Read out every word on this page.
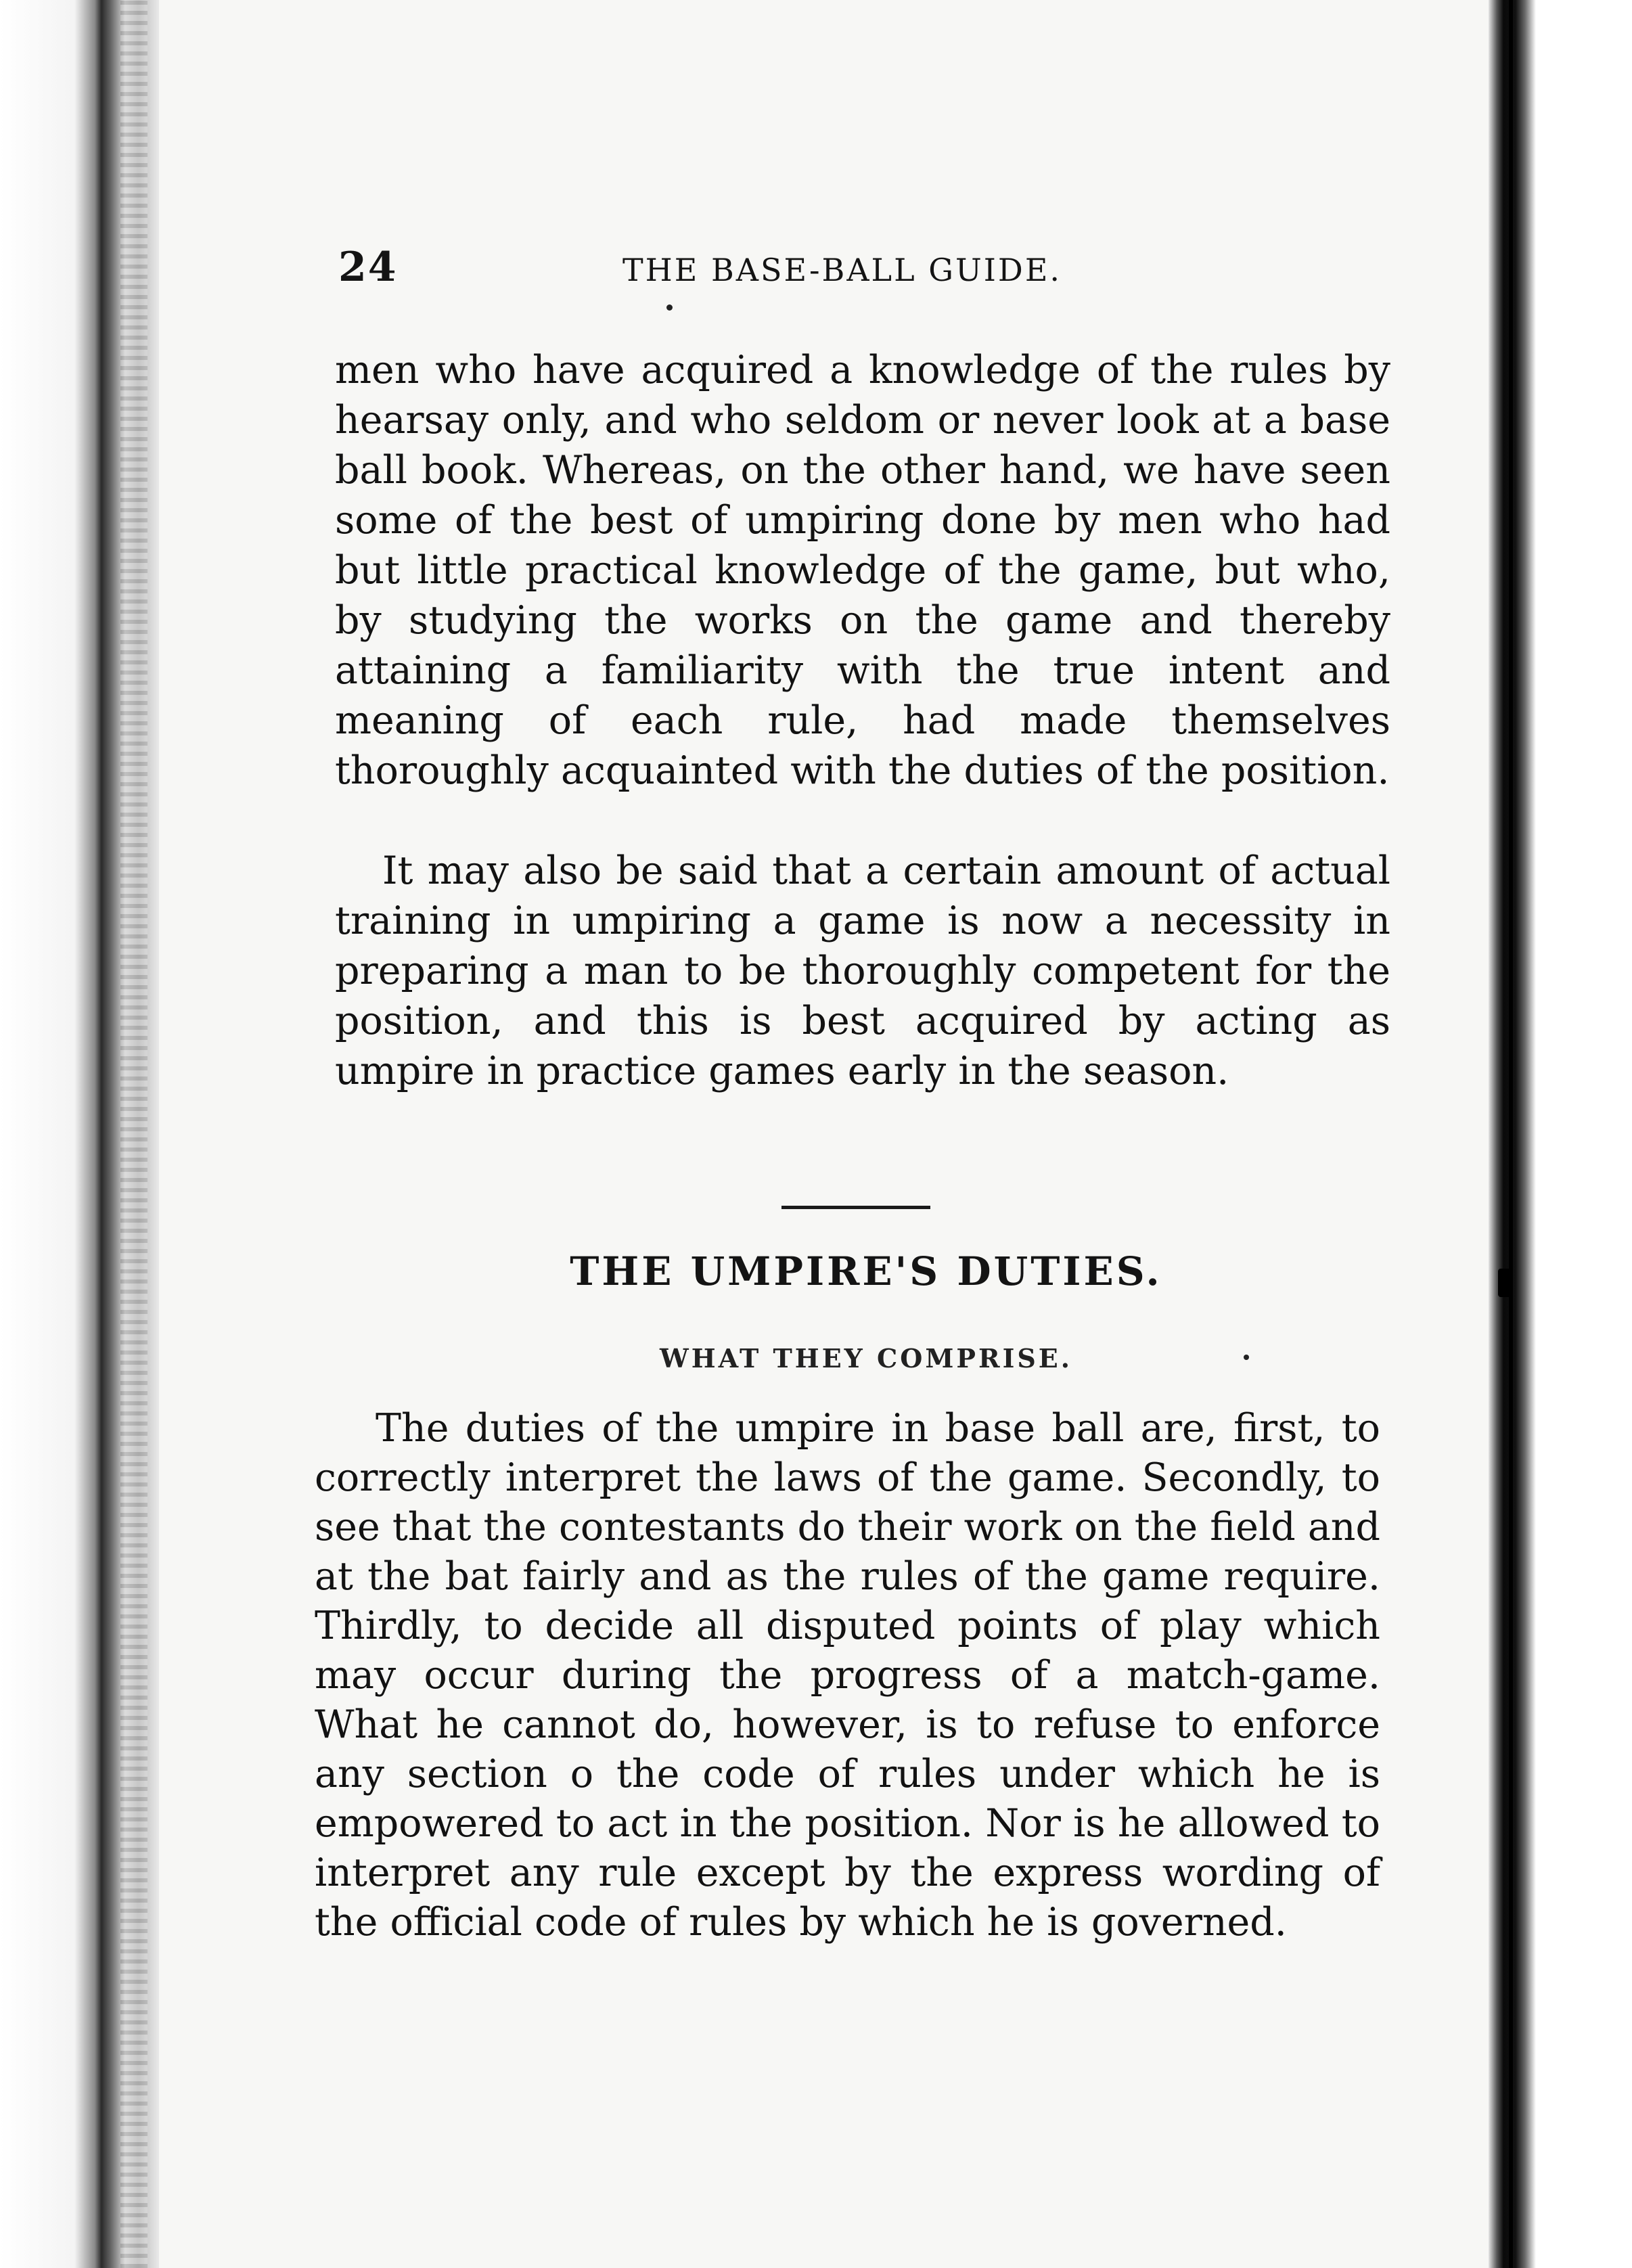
24	THE BASE-BALL GUIDE.

men who have acquired a knowledge of the rules by hearsay only, and who seldom or never look at a base ball book. Whereas, on the other hand, we have seen some of the best of umpiring done by men who had but little practical knowledge of the game, but who, by studying the works on the game and thereby attaining a familiarity with the true intent and meaning of each rule, had made themselves thoroughly acquainted with the duties of the position.

It may also be said that a certain amount of actual training in umpiring a game is now a necessity in preparing a man to be thoroughly competent for the position, and this is best acquired by acting as umpire in practice games early in the season.

THE UMPIRE'S DUTIES.
WHAT THEY COMPRISE.

The duties of the umpire in base ball are, first, to correctly interpret the laws of the game. Secondly, to see that the contestants do their work on the field and at the bat fairly and as the rules of the game require. Thirdly, to decide all disputed points of play which may occur during the progress of a match-game. What he cannot do, however, is to refuse to enforce any section o the code of rules under which he is empowered to act in the position. Nor is he allowed to interpret any rule except by the express wording of the official code of rules by which he is governed.
